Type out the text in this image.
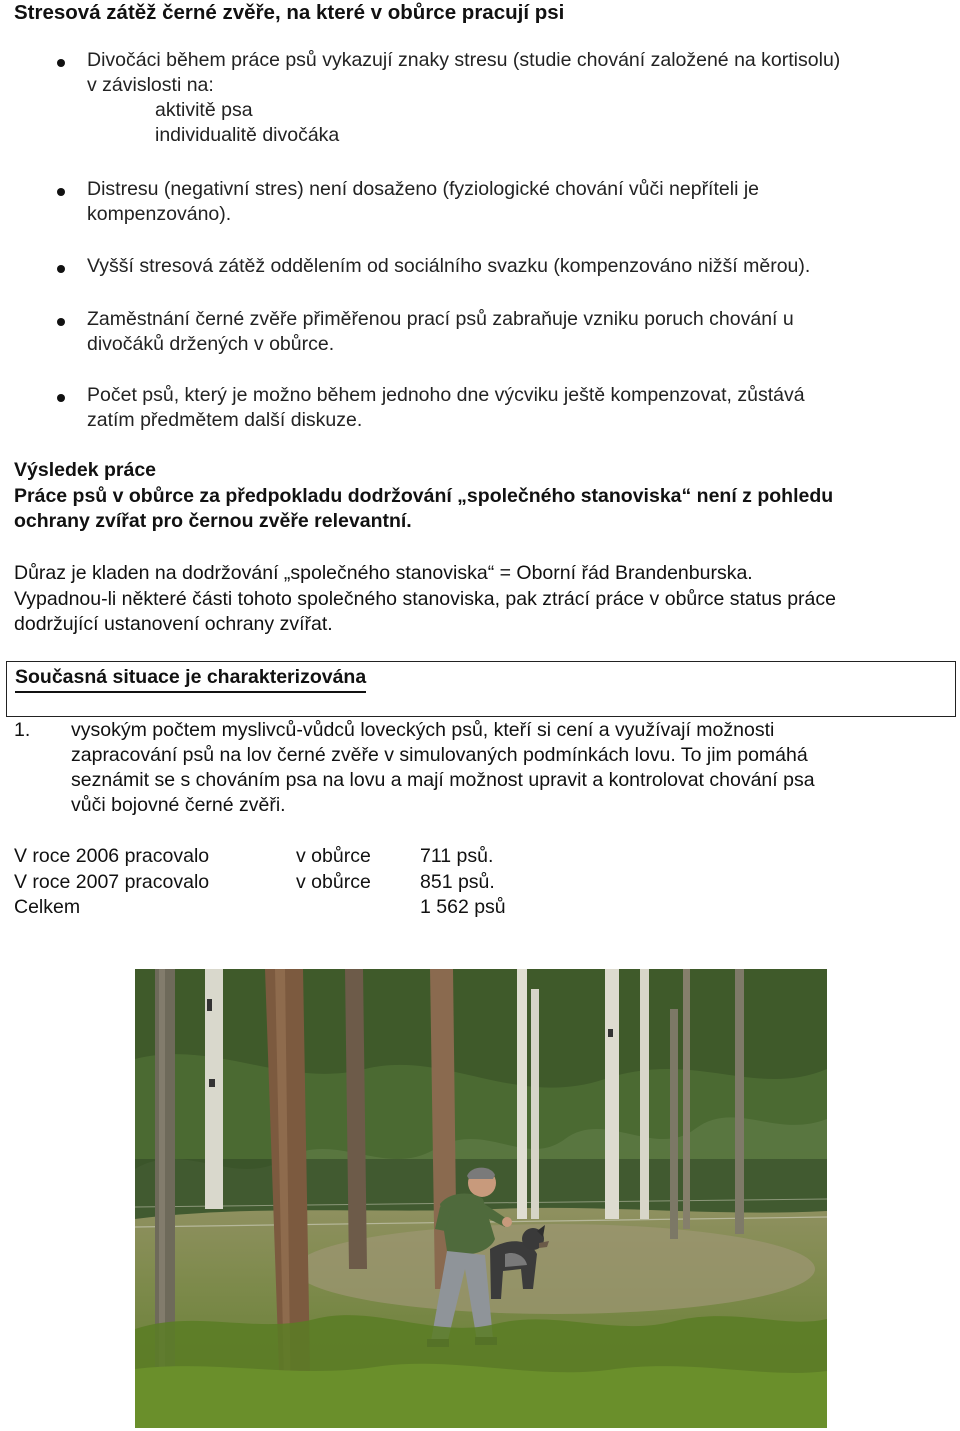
Stresová zátěž černé zvěře, na které v obůrce pracují psi
Divočáci během práce psů vykazují znaky stresu (studie chování založené na kortisolu)
v závislosti na:

aktivitě psa
individualitě divočáka
Distresu (negativní stres) není dosaženo (fyziologické chování vůči nepříteli je
kompenzováno).
Vyšší stresová zátěž oddělením od sociálního svazku (kompenzováno nižší měrou).
Zaměstnání černé zvěře přiměřenou prací psů zabraňuje vzniku poruch chování u
divočáků držených v obůrce.
Počet psů, který je možno během jednoho dne výcviku ještě kompenzovat, zůstává
zatím předmětem další diskuze.
Výsledek práce
Práce psů v obůrce za předpokladu dodržování „společného stanoviska“ není z pohledu
ochrany zvířat pro černou zvěře relevantní.
Důraz je kladen na dodržování „společného stanoviska“ = Oborní řád Brandenburska.
Vypadnou-li některé části tohoto společného stanoviska, pak ztrácí práce v obůrce status práce
dodržující ustanovení ochrany zvířat.
Současná situace je charakterizována
1. vysokým počtem myslivců-vůdců loveckých psů, kteří si cení a využívají možnosti
zapracování psů na lov černé zvěře v simulovaných podmínkách lovu. To jim pomáhá
seznámit se s chováním psa na lovu a mají možnost upravit a kontrolovat chování psa
vůči bojovné černé zvěři.
V roce 2006 pracovalo	v obůrce	711 psů.
V roce 2007 pracovalo	v obůrce	851 psů.
Celkem	1 562 psů
